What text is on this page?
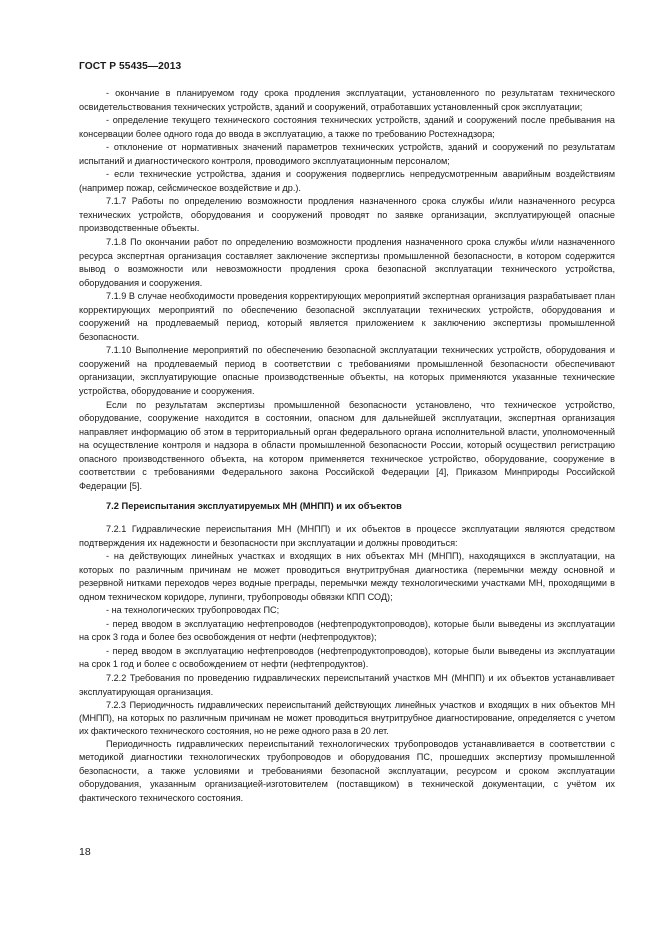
ГОСТ Р 55435—2013

- окончание в планируемом году срока продления эксплуатации, установленного по результатам технического освидетельствования технических устройств, зданий и сооружений, отработавших установленный срок эксплуатации;

- определение текущего технического состояния технических устройств, зданий и сооружений после пребывания на консервации более одного года до ввода в эксплуатацию, а также по требованию Ростехнадзора;

- отклонение от нормативных значений параметров технических устройств, зданий и сооружений по результатам испытаний и диагностического контроля, проводимого эксплуатационным персоналом;

- если технические устройства, здания и сооружения подверглись непредусмотренным аварийным воздействиям (например пожар, сейсмическое воздействие и др.).

7.1.7 Работы по определению возможности продления назначенного срока службы и/или назначенного ресурса технических устройств, оборудования и сооружений проводят по заявке организации, эксплуатирующей опасные производственные объекты.

7.1.8 По окончании работ по определению возможности продления назначенного срока службы и/или назначенного ресурса экспертная организация составляет заключение экспертизы промышленной безопасности, в котором содержится вывод о возможности или невозможности продления срока безопасной эксплуатации технического устройства, оборудования и сооружения.

7.1.9 В случае необходимости проведения корректирующих мероприятий экспертная организация разрабатывает план корректирующих мероприятий по обеспечению безопасной эксплуатации технических устройств, оборудования и сооружений на продлеваемый период, который является приложением к заключению экспертизы промышленной безопасности.

7.1.10 Выполнение мероприятий по обеспечению безопасной эксплуатации технических устройств, оборудования и сооружений на продлеваемый период в соответствии с требованиями промышленной безопасности обеспечивают организации, эксплуатирующие опасные производственные объекты, на которых применяются указанные технические устройства, оборудование и сооружения.

Если по результатам экспертизы промышленной безопасности установлено, что техническое устройство, оборудование, сооружение находится в состоянии, опасном для дальнейшей эксплуатации, экспертная организация направляет информацию об этом в территориальный орган федерального органа исполнительной власти, уполномоченный на осуществление контроля и надзора в области промышленной безопасности России, который осуществил регистрацию опасного производственного объекта, на котором применяется техническое устройство, оборудование, сооружение в соответствии с требованиями Федерального закона Российской Федерации [4], Приказом Минприроды Российской Федерации [5].

7.2 Переиспытания эксплуатируемых МН (МНПП) и их объектов

7.2.1 Гидравлические переиспытания МН (МНПП) и их объектов в процессе эксплуатации являются средством подтверждения их надежности и безопасности при эксплуатации и должны проводиться:

- на действующих линейных участках и входящих в них объектах МН (МНПП), находящихся в эксплуатации, на которых по различным причинам не может проводиться внутритрубная диагностика (перемычки между основной и резервной нитками переходов через водные преграды, перемычки между технологическими участками МН, проходящими в одном техническом коридоре, лупинги, трубопроводы обвязки КПП СОД);

- на технологических трубопроводах ПС;

- перед вводом в эксплуатацию нефтепроводов (нефтепродуктопроводов), которые были выведены из эксплуатации на срок 3 года и более без освобождения от нефти (нефтепродуктов);

- перед вводом в эксплуатацию нефтепроводов (нефтепродуктопроводов), которые были выведены из эксплуатации на срок 1 год и более с освобождением от нефти (нефтепродуктов).

7.2.2 Требования по проведению гидравлических переиспытаний участков МН (МНПП) и их объектов устанавливает эксплуатирующая организация.

7.2.3 Периодичность гидравлических переиспытаний действующих линейных участков и входящих в них объектов МН (МНПП), на которых по различным причинам не может проводиться внутритрубное диагностирование, определяется с учетом их фактического технического состояния, но не реже одного раза в 20 лет.

Периодичность гидравлических переиспытаний технологических трубопроводов устанавливается в соответствии с методикой диагностики технологических трубопроводов и оборудования ПС, прошедших экспертизу промышленной безопасности, а также условиями и требованиями безопасной эксплуатации, ресурсом и сроком эксплуатации оборудования, указанным организацией-изготовителем (поставщиком) в технической документации, с учётом их фактического технического состояния.

18
